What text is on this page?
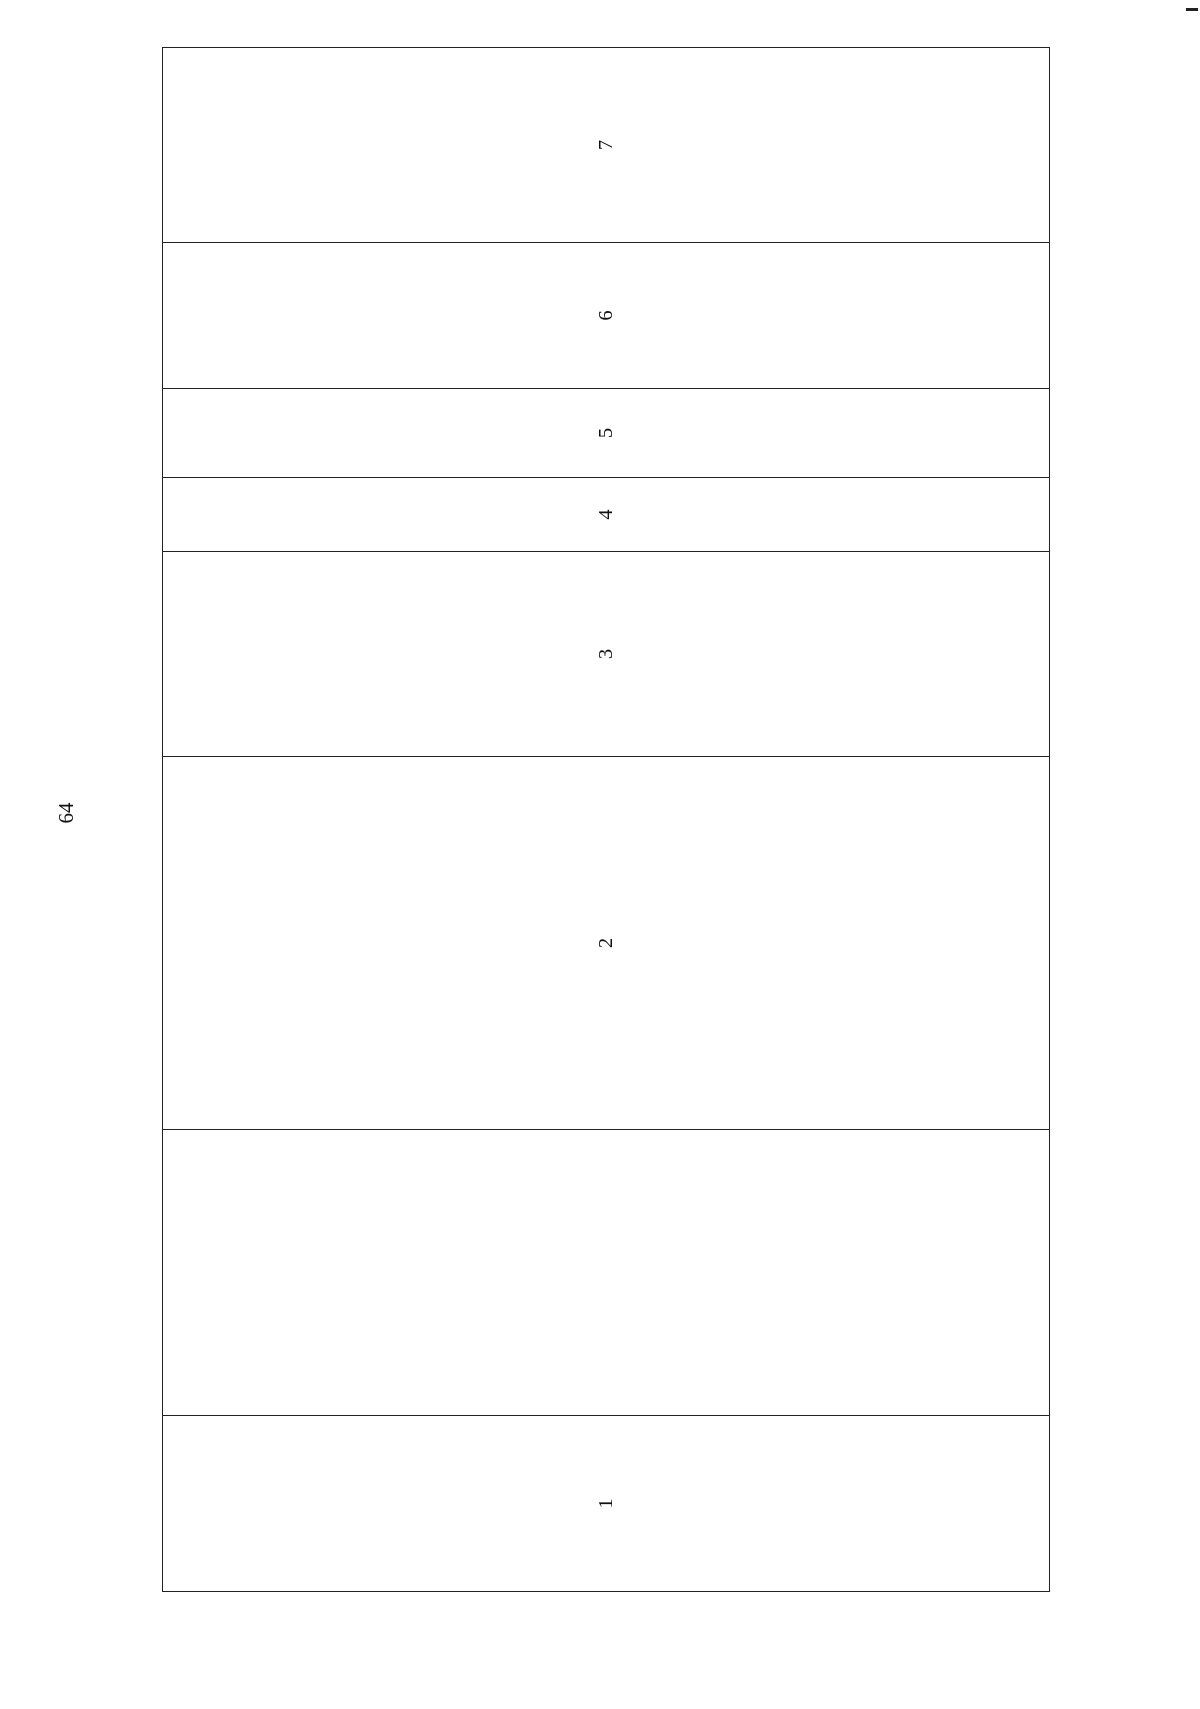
64
1		2	3	4	5	6	7
